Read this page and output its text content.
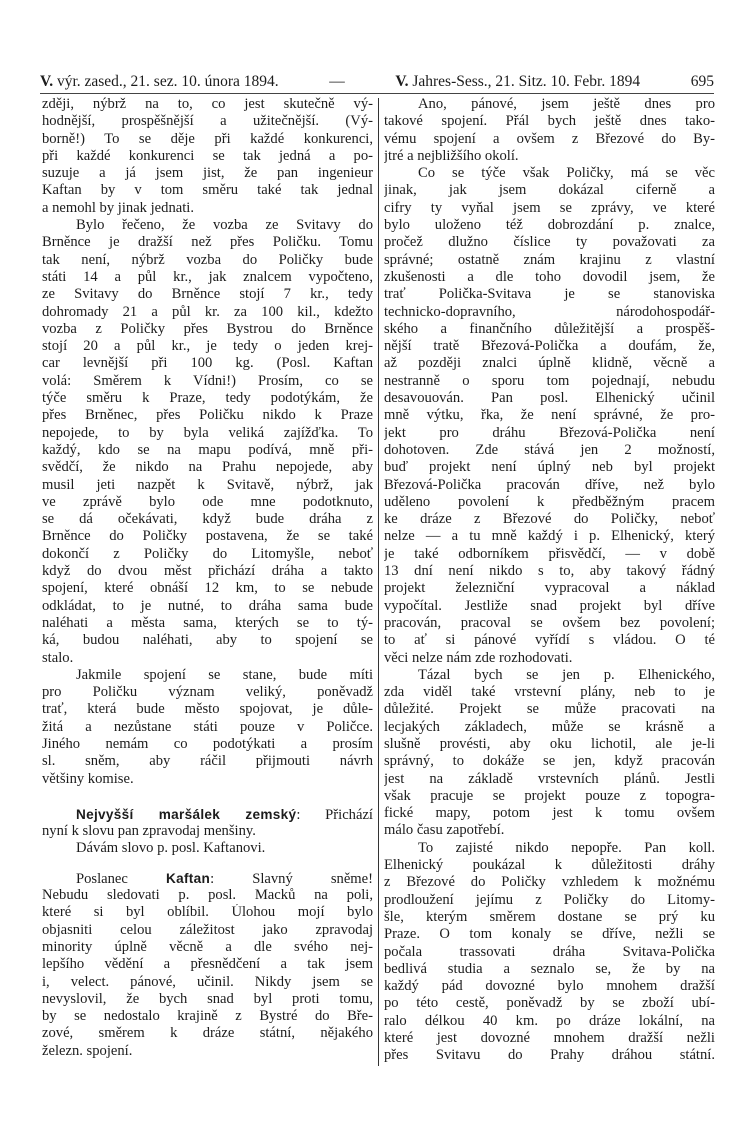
V. výr. zased., 21. sez. 10. února 1894.	—	V. Jahres-Sess., 21. Sitz. 10. Febr. 1894	695
zději, nýbrž na to, co jest skutečně vý-
hodnější, prospěšnější a užitečnější. (Vý-
borně!) To se děje při každé konkurenci,
při každé konkurenci se tak jedná a po-
suzuje a já jsem jist, že pan ingenieur
Kaftan by v tom směru také tak jednal
a nemohl by jinak jednati.
Bylo řečeno, že vozba ze Svitavy do
Brněnce je dražší než přes Poličku. Tomu
tak není, nýbrž vozba do Poličky bude
státi 14 a půl kr., jak znalcem vypočteno,
ze Svitavy do Brněnce stojí 7 kr., tedy
dohromady 21 a půl kr. za 100 kil., kdežto
vozba z Poličky přes Bystrou do Brněnce
stojí 20 a půl kr., je tedy o jeden krej-
car levnější při 100 kg. (Posl. Kaftan
volá: Směrem k Vídni!) Prosím, co se
týče směru k Praze, tedy podotýkám, že
přes Brněnec, přes Poličku nikdo k Praze
nepojede, to by byla veliká zajížďka. To
každý, kdo se na mapu podívá, mně při-
svědčí, že nikdo na Prahu nepojede, aby
musil jeti nazpět k Svitavě, nýbrž, jak
ve zprávě bylo ode mne podotknuto,
se dá očekávati, když bude dráha z
Brněnce do Poličky postavena, že se také
dokončí z Poličky do Litomyšle, neboť
když do dvou měst přichází dráha a takto
spojení, které obnáší 12 km, to se nebude
odkládat, to je nutné, to dráha sama bude
naléhati a města sama, kterých se to tý-
ká, budou naléhati, aby to spojení se
stalo.
Jakmile spojení se stane, bude míti
pro Poličku význam veliký, poněvadž
trať, která bude město spojovat, je důle-
žitá a nezůstane státi pouze v Poličce.
Jiného nemám co podotýkati a prosím
sl. sněm, aby ráčil přijmouti návrh
většiny komise.
Nejvyšší maršálek zemský: Přichází
nyní k slovu pan zpravodaj menšiny.
Dávám slovo p. posl. Kaftanovi.
Poslanec Kaftan: Slavný sněme!
Nebudu sledovati p. posl. Macků na poli,
které si byl oblíbil. Úlohou mojí bylo
objasniti celou záležitost jako zpravodaj
minority úplně věcně a dle svého nej-
lepšího vědění a přesnědčení a tak jsem
i, velect. pánové, učinil. Nikdy jsem se
nevyslovil, že bych snad byl proti tomu,
by se nedostalo krajině z Bystré do Bře-
zové, směrem k dráze státní, nějakého
železn. spojení.
Ano, pánové, jsem ještě dnes pro
takové spojení. Přál bych ještě dnes tako-
vému spojení a ovšem z Březové do By-
jtré a nejbližšího okolí.
Co se týče však Poličky, má se věc
jinak, jak jsem dokázal ciferně a
cifry ty vyňal jsem se zprávy, ve které
bylo uloženo též dobrozdání p. znalce,
pročež dlužno číslice ty považovati za
správné; ostatně znám krajinu z vlastní
zkušenosti a dle toho dovodil jsem, že
trať Polička-Svitava je se stanoviska
technicko-dopravního, národohospodář-
ského a finančního důležitější a prospěš-
nější tratě Březová-Polička a doufám, že,
až později znalci úplně klidně, věcně a
nestranně o sporu tom pojednají, nebudu
desavouován. Pan posl. Elhenický učinil
mně výtku, řka, že není správné, že pro-
jekt pro dráhu Březová-Polička není
dohotoven. Zde stává jen 2 možností,
buď projekt není úplný neb byl projekt
Březová-Polička pracován dříve, než bylo
uděleno povolení k předběžným pracem
ke dráze z Březové do Poličky, neboť
nelze — a tu mně každý i p. Elhenický, který
je také odborníkem přisvědčí, — v době
13 dní není nikdo s to, aby takový řádný
projekt železniční vypracoval a náklad
vypočítal. Jestliže snad projekt byl dříve
pracován, pracoval se ovšem bez povolení;
to ať si pánové vyřídí s vládou. O té
věci nelze nám zde rozhodovati.
Tázal bych se jen p. Elhenického,
zda viděl také vrstevní plány, neb to je
důležité. Projekt se může pracovati na
lecjakých základech, může se krásně a
slušně provésti, aby oku lichotil, ale je-li
správný, to dokáže se jen, když pracován
jest na základě vrstevních plánů. Jestli
však pracuje se projekt pouze z topogra-
fické mapy, potom jest k tomu ovšem
málo času zapotřebí.
To zajisté nikdo nepopře. Pan koll.
Elhenický poukázal k důležitosti dráhy
z Březové do Poličky vzhledem k možnému
prodloužení jejímu z Poličky do Litomy-
šle, kterým směrem dostane se prý ku
Praze. O tom konaly se dříve, nežli se
počala trassovati dráha Svitava-Polička
bedlivá studia a seznalo se, že by na
každý pád dovozné bylo mnohem dražší
po této cestě, poněvadž by se zboží ubí-
ralo délkou 40 km. po dráze lokální, na
které jest dovozné mnohem dražší nežli
přes Svitavu do Prahy dráhou státní.
